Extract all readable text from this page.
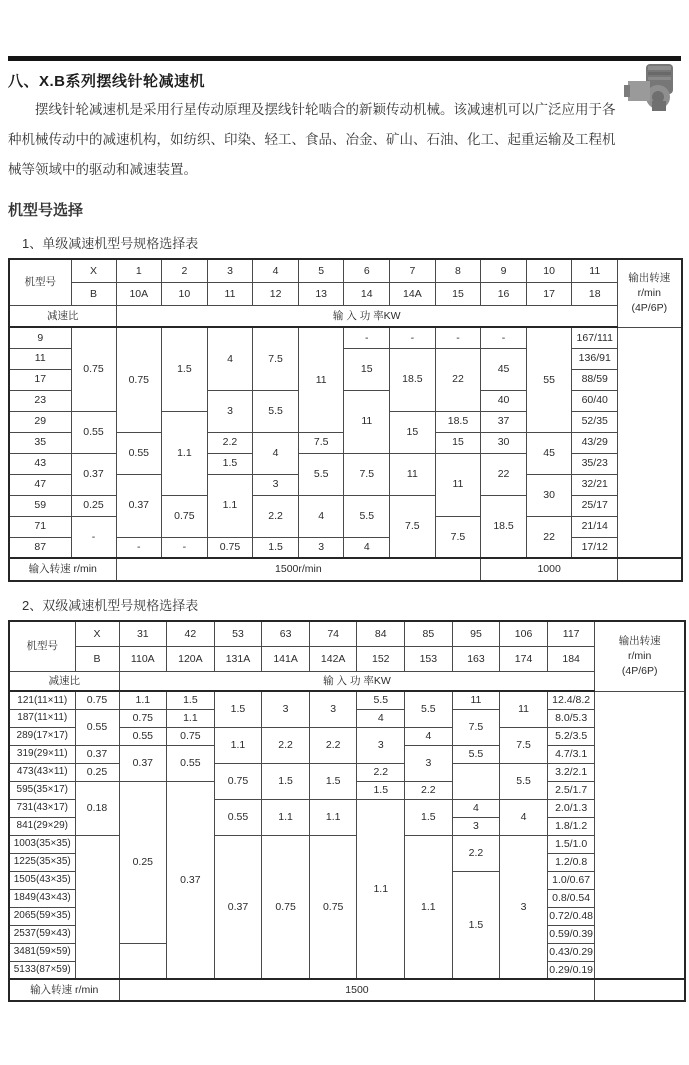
八、X.B系列摆线针轮减速机
摆线针轮减速机是采用行星传动原理及摆线针轮啮合的新颖传动机械。该减速机可以广泛应用于各
种机械传动中的减速机构，如纺织、印染、轻工、食品、冶金、矿山、石油、化工、起重运输及工程机
械等领域中的驱动和减速装置。
机型号选择
1、单级减速机型号规格选择表
机型号	X	1	2	3	4	5	6	7	8	9	10	11	输出转速
r/min
(4P/6P)

	B	10A	10	11	12	13	14	14A	15	16	17	18	
减速比		输 入 功 率KW											
9	0.75	0.75	1.5	4	7.5	11	-	-	-	-	55	167/111	
11							15	18.5	22	45		136/91	
17												88/59	
23				3	5.5		11			40		60/40	
29	0.55		1.1					15	18.5	37		52/35	
35		0.55		2.2	4	7.5			15	30	45	43/29	
43	0.37			1.5		5.5	7.5	11	11	22		35/23	
47		0.37		1.1	3						30	32/21	
59	0.25		0.75		2.2	4	5.5	7.5		18.5		25/17	
71	-								7.5		22	21/14	
87		-	-	0.75	1.5	3	4					17/12	
输入转速 r/min		1500r/min								1000			
2、双级减速机型号规格选择表
机型号	X	31	42	53	63	74	84	85	95	106	117	输出转速
r/min
(4P/6P)

	B	110A	120A	131A	141A	142A	152	153	163	174	184	
减速比		输 入 功 率KW										
121(11×11)	0.75	1.1	1.5	1.5	3	3	5.5	5.5	11	11	12.4/8.2	
187(11×11)	0.55	0.75	1.1				4		7.5		8.0/5.3	
289(17×17)		0.55	0.75	1.1	2.2	2.2	3	4		7.5	5.2/3.5	
319(29×11)	0.37	0.37	0.55					3	5.5		4.7/3.1	
473(43×11)	0.25			0.75	1.5	1.5	2.2			5.5	3.2/2.1	
595(35×17)	0.18	0.25	0.37				1.5	2.2			2.5/1.7	
731(43×17)				0.55	1.1	1.1	1.1	1.5	4	4	2.0/1.3	
841(29×29)									3		1.8/1.2	
1003(35×35)				0.37	0.75	0.75		1.1	2.2	3	1.5/1.0	
1225(35×35)											1.2/0.8	
1505(43×35)									1.5		1.0/0.67	
1849(43×43)											0.8/0.54	
2065(59×35)											0.72/0.48	
2537(59×43)											0.59/0.39	
3481(59×59)											0.43/0.29	
5133(87×59)											0.29/0.19	
输入转速 r/min		1500										
